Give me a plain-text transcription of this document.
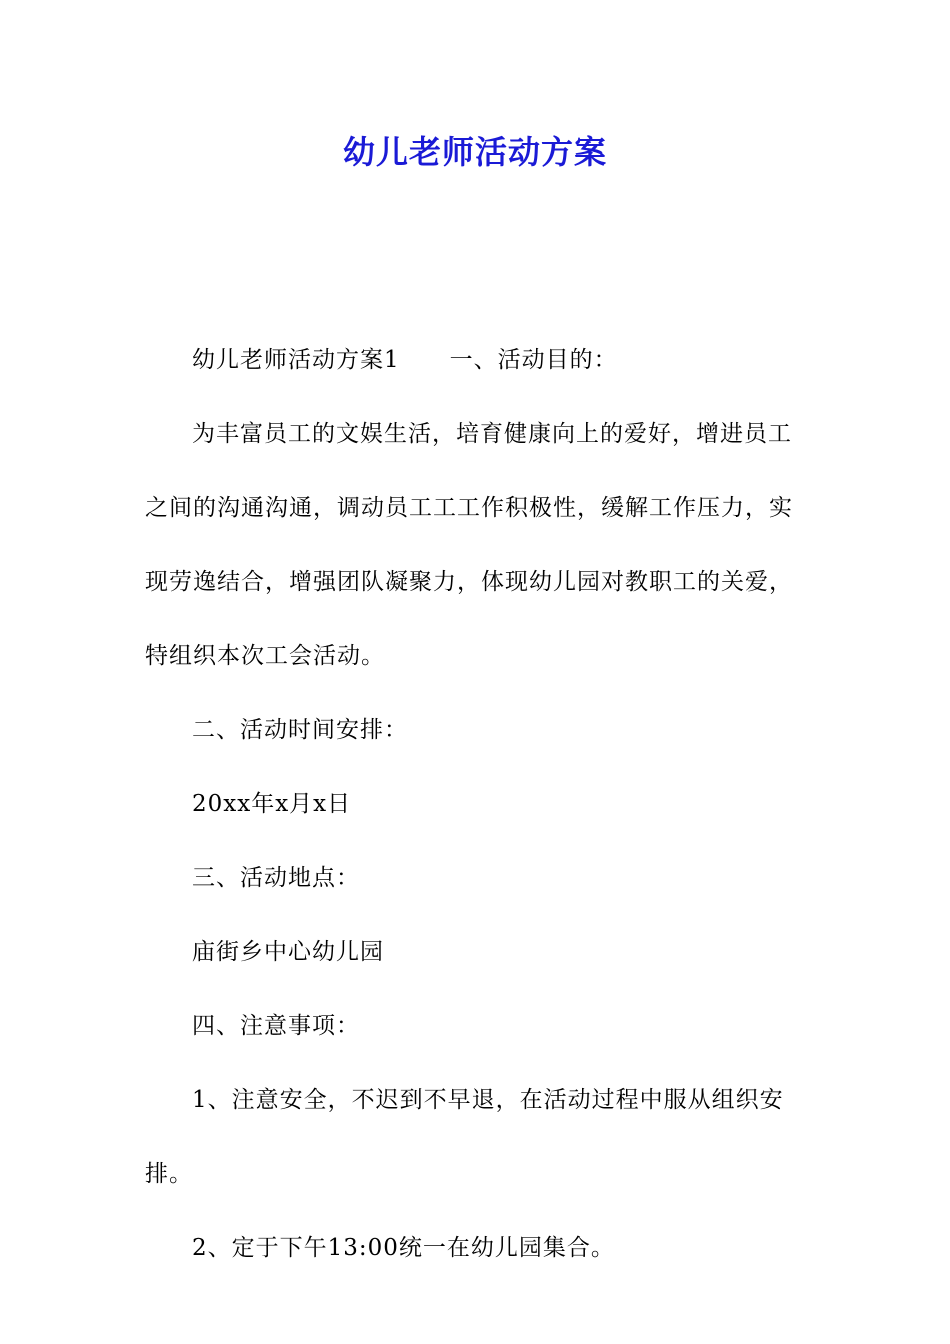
幼儿老师活动方案

幼儿老师活动方案1 一、活动目的：

为丰富员工的文娱生活，培育健康向上的爱好，增进员工之间的沟通沟通，调动员工工工作积极性，缓解工作压力，实现劳逸结合，增强团队凝聚力，体现幼儿园对教职工的关爱，特组织本次工会活动。

二、活动时间安排：

20xx年x月x日

三、活动地点：

庙街乡中心幼儿园

四、注意事项：

1、注意安全，不迟到不早退，在活动过程中服从组织安排。

2、定于下午13:00统一在幼儿园集合。
